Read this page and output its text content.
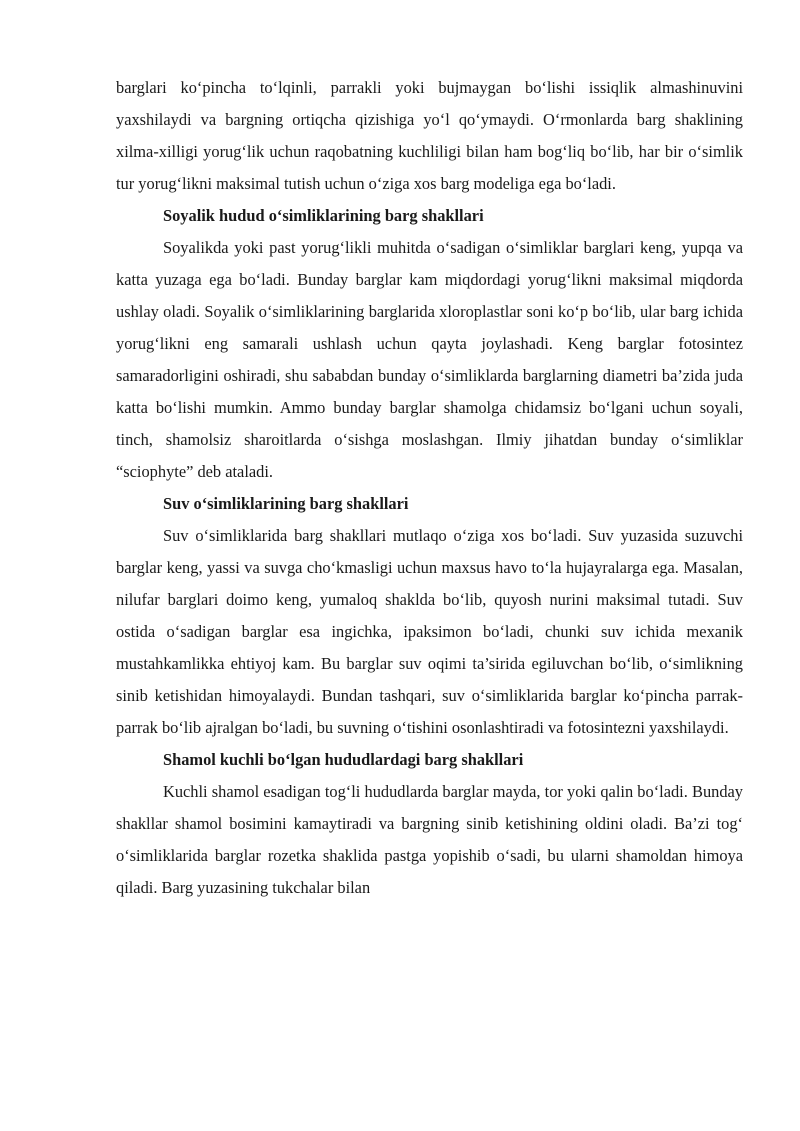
barglari ko‘pincha to‘lqinli, parrakli yoki bujmaygan bo‘lishi issiqlik almashinuvini yaxshilaydi va bargning ortiqcha qizishiga yo‘l qo‘ymaydi. O‘rmonlarda barg shaklining xilma-xilligi yorug‘lik uchun raqobatning kuchliligi bilan ham bog‘liq bo‘lib, har bir o‘simlik tur yorug‘likni maksimal tutish uchun o‘ziga xos barg modeliga ega bo‘ladi.

Soyalik hudud o‘simliklarining barg shakllari

Soyalikda yoki past yorug‘likli muhitda o‘sadigan o‘simliklar barglari keng, yupqa va katta yuzaga ega bo‘ladi. Bunday barglar kam miqdordagi yorug‘likni maksimal miqdorda ushlay oladi. Soyalik o‘simliklarining barglarida xloroplastlar soni ko‘p bo‘lib, ular barg ichida yorug‘likni eng samarali ushlash uchun qayta joylashadi. Keng barglar fotosintez samaradorligini oshiradi, shu sababdan bunday o‘simliklarda barglarning diametri ba’zida juda katta bo‘lishi mumkin. Ammo bunday barglar shamolga chidamsiz bo‘lgani uchun soyali, tinch, shamolsiz sharoitlarda o‘sishga moslashgan. Ilmiy jihatdan bunday o‘simliklar “sciophyte” deb ataladi.

Suv o‘simliklarining barg shakllari

Suv o‘simliklarida barg shakllari mutlaqo o‘ziga xos bo‘ladi. Suv yuzasida suzuvchi barglar keng, yassi va suvga cho‘kmasligi uchun maxsus havo to‘la hujayralarga ega. Masalan, nilufar barglari doimo keng, yumaloq shaklda bo‘lib, quyosh nurini maksimal tutadi. Suv ostida o‘sadigan barglar esa ingichka, ipaksimon bo‘ladi, chunki suv ichida mexanik mustahkamlikka ehtiyoj kam. Bu barglar suv oqimi ta’sirida egiluvchan bo‘lib, o‘simlikning sinib ketishidan himoyalaydi. Bundan tashqari, suv o‘simliklarida barglar ko‘pincha parrak-parrak bo‘lib ajralgan bo‘ladi, bu suvning o‘tishini osonlashtiradi va fotosintezni yaxshilaydi.

Shamol kuchli bo‘lgan hududlardagi barg shakllari

Kuchli shamol esadigan tog‘li hududlarda barglar mayda, tor yoki qalin bo‘ladi. Bunday shakllar shamol bosimini kamaytiradi va bargning sinib ketishining oldini oladi. Ba’zi tog‘ o‘simliklarida barglar rozetka shaklida pastga yopishib o‘sadi, bu ularni shamoldan himoya qiladi. Barg yuzasining tukchalar bilan
